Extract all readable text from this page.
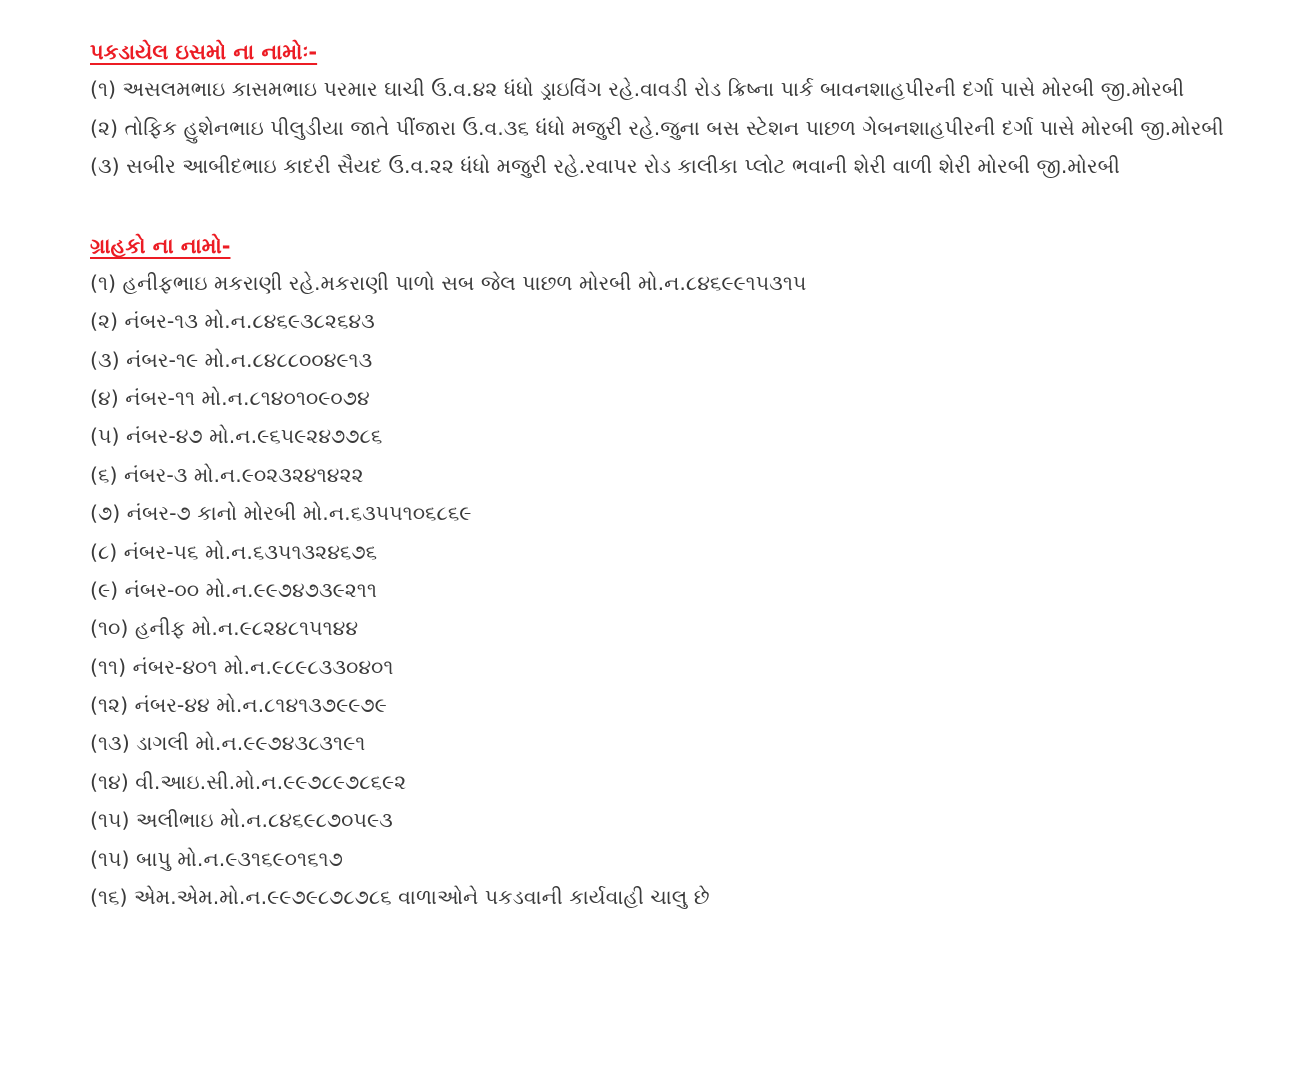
પકડાયેલ ઇસમો ના નામોઃ-
(૧) અસલમભાઇ કાસમભાઇ પરમાર ઘાચી ઉ.વ.૪૨ ધંધો ડ્રાઇવિંગ રહે.વાવડી રોડ ક્રિષ્ના પાર્ક બાવનશાહપીરની દર્ગા પાસે મોરબી જી.મોરબી
(૨) તોફિક હુશેનભાઇ પીલુડીયા જાતે પીંજારા ઉ.વ.૩૬ ધંધો મજુરી રહે.જુના બસ સ્ટેશન પાછળ ગેબનશાહપીરની દર્ગા પાસે મોરબી જી.મોરબી
(૩) સબીર આબીદભાઇ કાદરી સૈયદ ઉ.વ.૨૨ ધંધો મજુરી રહે.રવાપર રોડ કાલીકા પ્લોટ ભવાની શેરી વાળી શેરી મોરબી જી.મોરબી
ગ્રાહકો ના નામો-
(૧) હનીફભાઇ મકરાણી રહે.મકરાણી પાળો સબ જેલ પાછળ મોરબી મો.ન.૮૪૬૯૯૧૫૩૧૫
(૨) નંબર-૧૩ મો.ન.૮૪૬૯૩૮૨૬૪૩
(૩) નંબર-૧૯ મો.ન.૮૪૮૮૦૦૪૯૧૩
(૪) નંબર-૧૧ મો.ન.૮૧૪૦૧૦૯૦૭૪
(૫) નંબર-૪૭ મો.ન.૯૬૫૯૨૪૭૭૮૬
(૬) નંબર-૩ મો.ન.૯૦૨૩૨૪૧૪૨૨
(૭) નંબર-૭ કાનો મોરબી મો.ન.૬૩૫૫૧૦૬૮૬૯
(૮) નંબર-૫૬ મો.ન.૬૩૫૧૩૨૪૬૭૬
(૯) નંબર-૦૦ મો.ન.૯૯૭૪૭૩૯૨૧૧
(૧૦) હનીફ મો.ન.૯૮૨૪૮૧૫૧૪૪
(૧૧) નંબર-૪૦૧ મો.ન.૯૮૯૮૩૩૦૪૦૧
(૧૨) નંબર-૪૪ મો.ન.૮૧૪૧૩૭૯૯૭૯
(૧૩) ડાગલી મો.ન.૯૯૭૪૩૮૩૧૯૧
(૧૪) વી.આઇ.સી.મો.ન.૯૯૭૮૯૭૮૬૯૨
(૧૫) અલીભાઇ મો.ન.૮૪૬૯૮૭૦૫૯૩
(૧૫) બાપુ મો.ન.૯૩૧૬૯૦૧૬૧૭
(૧૬) એમ.એમ.મો.ન.૯૯૭૯૮૭૮૭૮૬ વાળાઓને પકડવાની કાર્યવાહી ચાલુ છે
